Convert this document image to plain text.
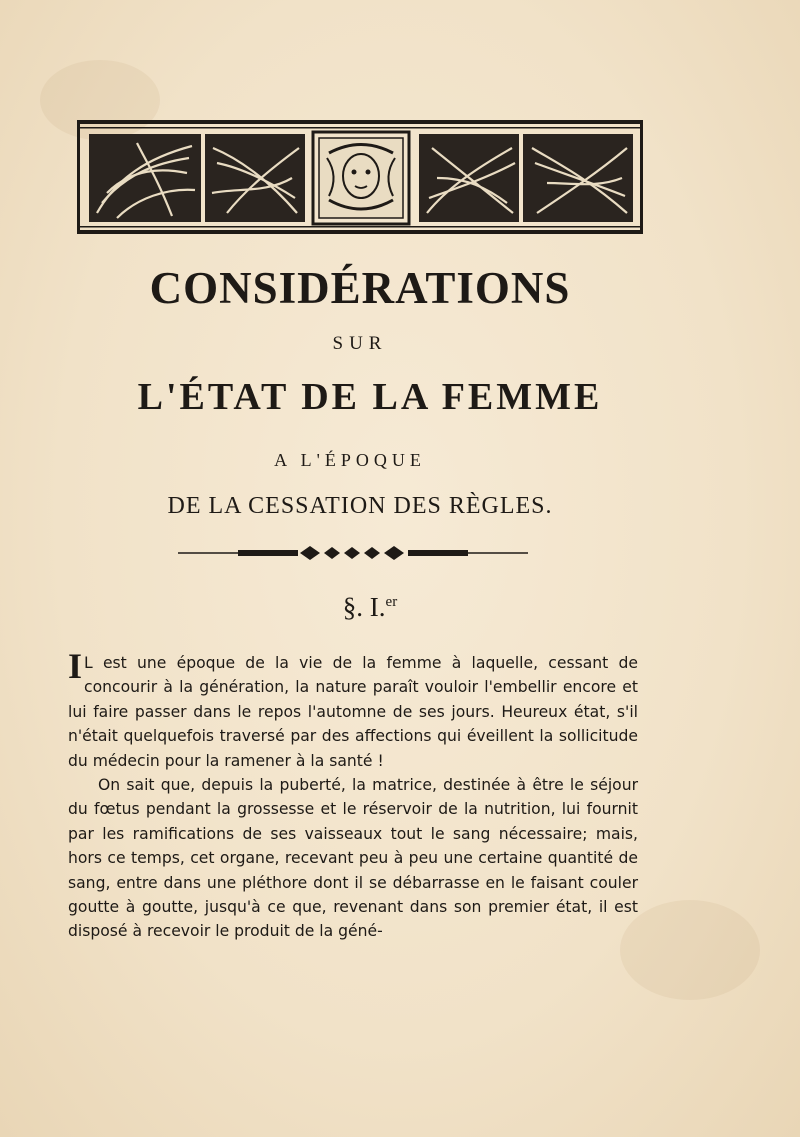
CONSIDÉRATIONS
SUR
L'ÉTAT DE LA FEMME
A L'ÉPOQUE
DE LA CESSATION DES RÈGLES.
§. I.$^{er}$

I L est une époque de la vie de la femme à laquelle, cessant de concourir à la génération, la nature paraît vouloir l'embellir encore et lui faire passer dans le repos l'automne de ses jours. Heureux état, s'il n'était quelquefois traversé par des affections qui éveillent la sollicitude du médecin pour la ramener à la santé !

On sait que, depuis la puberté, la matrice, destinée à être le séjour du fœtus pendant la grossesse et le réservoir de la nutrition, lui fournit par les ramifications de ses vaisseaux tout le sang nécessaire; mais, hors ce temps, cet organe, recevant peu à peu une certaine quantité de sang, entre dans une pléthore dont il se débarrasse en le faisant couler goutte à goutte, jusqu'à ce que, revenant dans son premier état, il est disposé à recevoir le produit de la géné-
